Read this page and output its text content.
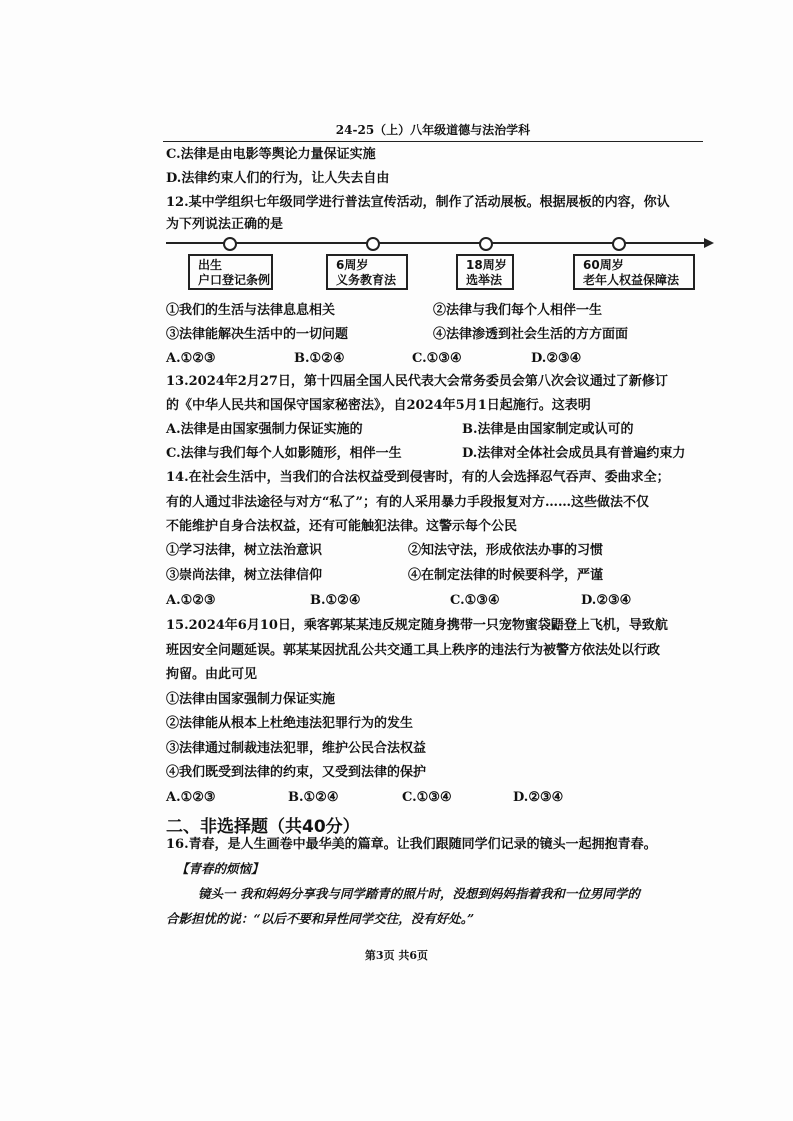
24-25（上）八年级道德与法治学科
C.法律是由电影等舆论力量保证实施
D.法律约束人们的行为，让人失去自由
12.某中学组织七年级同学进行普法宣传活动，制作了活动展板。根据展板的内容，你认
为下列说法正确的是
出生
户口登记条例
6周岁
义务教育法
18周岁
选举法
60周岁
老年人权益保障法
①我们的生活与法律息息相关	②法律与我们每个人相伴一生
③法律能解决生活中的一切问题	④法律渗透到社会生活的方方面面
A.①②③	B.①②④	C.①③④	D.②③④
13.2024年2月27日，第十四届全国人民代表大会常务委员会第八次会议通过了新修订
的《中华人民共和国保守国家秘密法》，自2024年5月1日起施行。这表明
A.法律是由国家强制力保证实施的	B.法律是由国家制定或认可的
C.法律与我们每个人如影随形，相伴一生	D.法律对全体社会成员具有普遍约束力
14.在社会生活中，当我们的合法权益受到侵害时，有的人会选择忍气吞声、委曲求全；
有的人通过非法途径与对方“私了”；有的人采用暴力手段报复对方……这些做法不仅
不能维护自身合法权益，还有可能触犯法律。这警示每个公民
①学习法律，树立法治意识	②知法守法，形成依法办事的习惯
③崇尚法律，树立法律信仰	④在制定法律的时候要科学，严谨
A.①②③	B.①②④	C.①③④	D.②③④
15.2024年6月10日，乘客郭某某违反规定随身携带一只宠物蜜袋鼯登上飞机，导致航
班因安全问题延误。郭某某因扰乱公共交通工具上秩序的违法行为被警方依法处以行政
拘留。由此可见
①法律由国家强制力保证实施
②法律能从根本上杜绝违法犯罪行为的发生
③法律通过制裁违法犯罪，维护公民合法权益
④我们既受到法律的约束，又受到法律的保护
A.①②③	B.①②④	C.①③④	D.②③④
二、非选择题（共40分）
16.青春，是人生画卷中最华美的篇章。让我们跟随同学们记录的镜头一起拥抱青春。
【青春的烦恼】
镜头一 我和妈妈分享我与同学踏青的照片时，没想到妈妈指着我和一位男同学的
合影担忧的说：“以后不要和异性同学交往，没有好处。”
第3页 共6页
